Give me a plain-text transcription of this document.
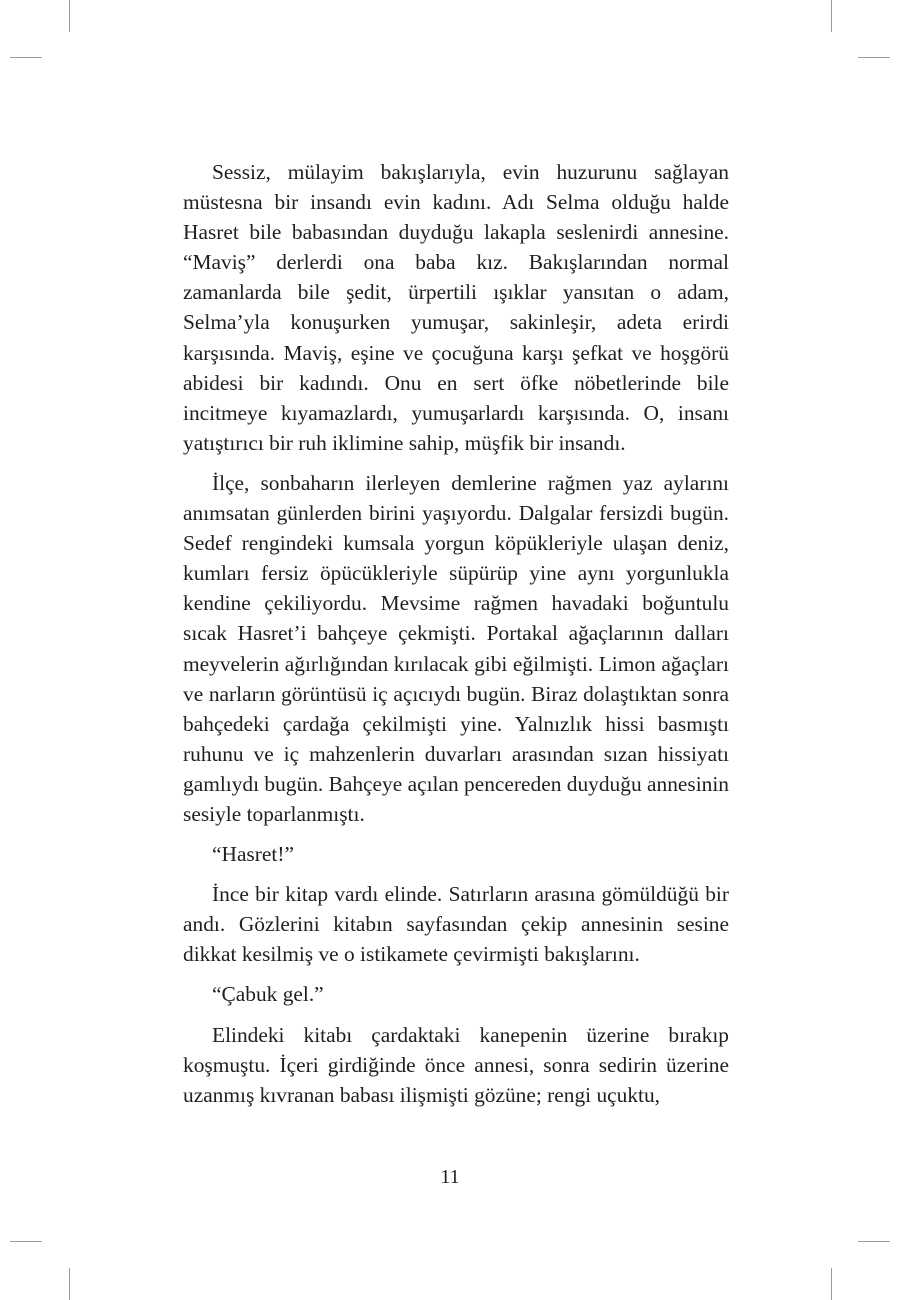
Sessiz, mülayim bakışlarıyla, evin huzurunu sağlayan müstesna bir insandı evin kadını. Adı Selma olduğu halde Hasret bile babasından duyduğu lakapla seslenirdi annesine. “Maviş” derlerdi ona baba kız. Bakışlarından normal zamanlarda bile şedit, ürpertili ışıklar yansıtan o adam, Selma’yla konuşurken yumuşar, sakinleşir, adeta erirdi karşısında. Maviş, eşine ve çocuğuna karşı şefkat ve hoşgörü abidesi bir kadındı. Onu en sert öfke nöbetlerinde bile incitmeye kıyamazlardı, yumuşarlardı karşısında. O, insanı yatıştırıcı bir ruh iklimine sahip, müşfik bir insandı.

İlçe, sonbaharın ilerleyen demlerine rağmen yaz aylarını anımsatan günlerden birini yaşıyordu. Dalgalar fersizdi bugün. Sedef rengindeki kumsala yorgun köpükleriyle ulaşan deniz, kumları fersiz öpücükleriyle süpürüp yine aynı yorgunlukla kendine çekiliyordu. Mevsime rağmen havadaki boğuntulu sıcak Hasret’i bahçeye çekmişti. Portakal ağaçlarının dalları meyvelerin ağırlığından kırılacak gibi eğilmişti. Limon ağaçları ve narların görüntüsü iç açıcıydı bugün. Biraz dolaştıktan sonra bahçedeki çardağa çekilmişti yine. Yalnızlık hissi basmıştı ruhunu ve iç mahzenlerin duvarları arasından sızan hissiyatı gamlıydı bugün. Bahçeye açılan pencereden duyduğu annesinin sesiyle toparlanmıştı.

“Hasret!”

İnce bir kitap vardı elinde. Satırların arasına gömüldüğü bir andı. Gözlerini kitabın sayfasından çekip annesinin sesine dikkat kesilmiş ve o istikamete çevirmişti bakışlarını.

“Çabuk gel.”

Elindeki kitabı çardaktaki kanepenin üzerine bırakıp koşmuştu. İçeri girdiğinde önce annesi, sonra sedirin üzerine uzanmış kıvranan babası ilişmişti gözüne; rengi uçuktu,

11
